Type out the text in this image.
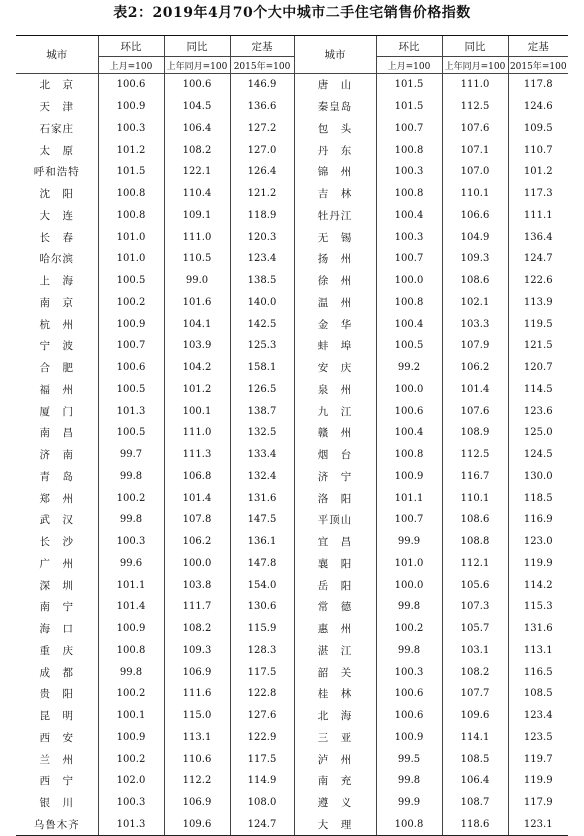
表2：2019年4月70个大中城市二手住宅销售价格指数
城市	环比	同比	定基	城市	环比	同比	定基
	上月=100	上年同月=100	2015年=100		上月=100	上年同月=100	2015年=100
北　京	100.6	100.6	146.9	唐　山	101.5	111.0	117.8
天　津	100.9	104.5	136.6	秦皇岛	101.5	112.5	124.6
石家庄	100.3	106.4	127.2	包　头	100.7	107.6	109.5
太　原	101.2	108.2	127.0	丹　东	100.8	107.1	110.7
呼和浩特	101.5	122.1	126.4	锦　州	100.3	107.0	101.2
沈　阳	100.8	110.4	121.2	吉　林	100.8	110.1	117.3
大　连	100.8	109.1	118.9	牡丹江	100.4	106.6	111.1
长　春	101.0	111.0	120.3	无　锡	100.3	104.9	136.4
哈尔滨	101.0	110.5	123.4	扬　州	100.7	109.3	124.7
上　海	100.5	99.0	138.5	徐　州	100.0	108.6	122.6
南　京	100.2	101.6	140.0	温　州	100.8	102.1	113.9
杭　州	100.9	104.1	142.5	金　华	100.4	103.3	119.5
宁　波	100.7	103.9	125.3	蚌　埠	100.5	107.9	121.5
合　肥	100.6	104.2	158.1	安　庆	99.2	106.2	120.7
福　州	100.5	101.2	126.5	泉　州	100.0	101.4	114.5
厦　门	101.3	100.1	138.7	九　江	100.6	107.6	123.6
南　昌	100.5	111.0	132.5	赣　州	100.4	108.9	125.0
济　南	99.7	111.3	133.4	烟　台	100.8	112.5	124.5
青　岛	99.8	106.8	132.4	济　宁	100.9	116.7	130.0
郑　州	100.2	101.4	131.6	洛　阳	101.1	110.1	118.5
武　汉	99.8	107.8	147.5	平顶山	100.7	108.6	116.9
长　沙	100.3	106.2	136.1	宜　昌	99.9	108.8	123.0
广　州	99.6	100.0	147.8	襄　阳	101.0	112.1	119.9
深　圳	101.1	103.8	154.0	岳　阳	100.0	105.6	114.2
南　宁	101.4	111.7	130.6	常　德	99.8	107.3	115.3
海　口	100.9	108.2	115.9	惠　州	100.2	105.7	131.6
重　庆	100.8	109.3	128.3	湛　江	99.8	103.1	113.1
成　都	99.8	106.9	117.5	韶　关	100.3	108.2	116.5
贵　阳	100.2	111.6	122.8	桂　林	100.6	107.7	108.5
昆　明	100.1	115.0	127.6	北　海	100.6	109.6	123.4
西　安	100.9	113.1	122.9	三　亚	100.9	114.1	123.5
兰　州	100.2	110.6	117.5	泸　州	99.5	108.5	119.7
西　宁	102.0	112.2	114.9	南　充	99.8	106.4	119.9
银　川	100.3	106.9	108.0	遵　义	99.9	108.7	117.9
乌鲁木齐	101.3	109.6	124.7	大　理	100.8	118.6	123.1
